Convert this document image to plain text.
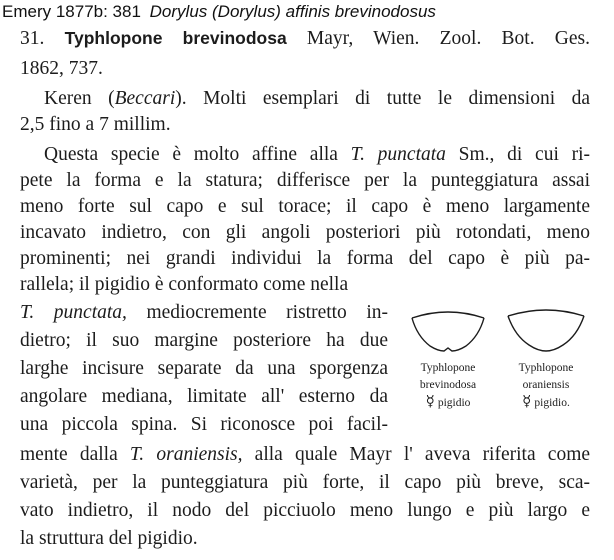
Emery 1877b: 381 Dorylus (Dorylus) affinis brevinodosus
31. Typhlopone brevinodosa Mayr, Wien. Zool. Bot. Ges.
1862, 737.
Keren (Beccari). Molti esemplari di tutte le dimensioni da
2,5 fino a 7 millim.
Questa specie è molto affine alla T. punctata Sm., di cui ri-
pete la forma e la statura; differisce per la punteggiatura assai
meno forte sul capo e sul torace; il capo è meno largamente
incavato indietro, con gli angoli posteriori più rotondati, meno
prominenti; nei grandi individui la forma del capo è più pa-
rallela; il pigidio è conformato come nella
T. punctata, mediocremente ristretto in-
dietro; il suo margine posteriore ha due
larghe incisure separate da una sporgenza
angolare mediana, limitate all' esterno da
una piccola spina. Si riconosce poi facil-
mente dalla T. oraniensis, alla quale Mayr l' aveva riferita come
varietà, per la punteggiatura più forte, il capo più breve, sca-
vato indietro, il nodo del picciuolo meno lungo e più largo e
la struttura del pigidio.
Typhlopone
brevinodosa
☿ pigidio
Typhlopone
oraniensis
☿ pigidio.
